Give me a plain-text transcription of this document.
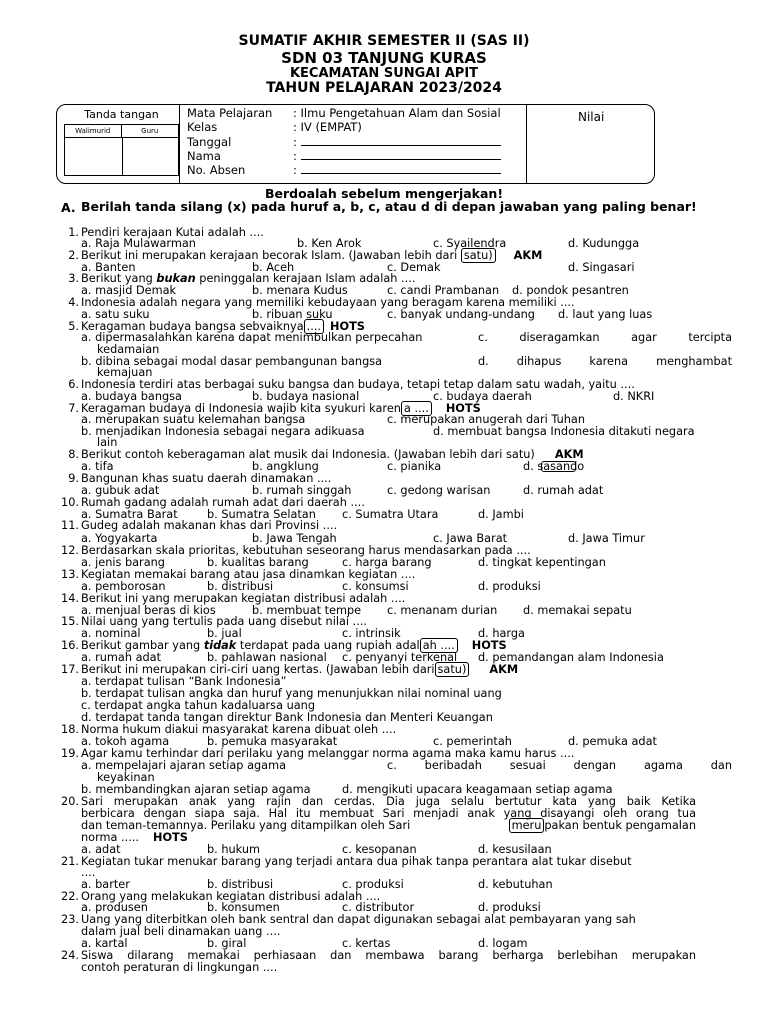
SUMATIF AKHIR SEMESTER II (SAS II)
SDN 03 TANJUNG KURAS
KECAMATAN SUNGAI APIT
TAHUN PELAJARAN 2023/2024
Tanda tangan
Walimurid	Guru
Mata Pelajaran : Ilmu Pengetahuan Alam dan Sosial
Kelas	: IV (EMPAT)
Tanggal	:
Nama	:
No. Absen	:
Nilai
Berdoalah sebelum mengerjakan!
A. Berilah tanda silang (x) pada huruf a, b, c, atau d di depan jawaban yang paling benar!
1. Pendiri kerajaan Kutai adalah ....
a. Raja Mulawarman	b. Ken Arok	c. Syailendra	d. Kudungga
2. Berikut ini merupakan kerajaan becorak Islam. (Jawaban lebih dari satu) AKM
a. Banten	b. Aceh	c. Demak	d. Singasari
3. Berikut yang bukan peninggalan kerajaan Islam adalah ....
a. masjid Demak	b. menara Kudus	c. candi Prambanan d. pondok pesantren
4. Indonesia adalah negara yang memiliki kebudayaan yang beragam karena memiliki ....
a. satu suku	b. ribuan suku	c. banyak undang-undang d. laut yang luas
5. Keragaman budaya bangsa sebvaiknya .... HOTS
a. dipermasalahkan karena dapat menimbulkan perpecahan	c. diseragamkan agar tercipta
kedamaian
b. dibina sebagai modal dasar pembangunan bangsa	d. dihapus karena menghambat
kemajuan
6. Indonesia terdiri atas berbagai suku bangsa dan budaya, tetapi tetap dalam satu wadah, yaitu ....
a. budaya bangsa	b. budaya nasional	c. budaya daerah	d. NKRI
7. Keragaman budaya di Indonesia wajib kita syukuri karen a .... HOTS
a. merupakan suatu kelemahan bangsa	c. merupakan anugerah dari Tuhan
b. menjadikan Indonesia sebagai negara adikuasa	d. membuat bangsa Indonesia ditakuti negara
lain
8. Berikut contoh keberagaman alat musik dai Indonesia. (Jawaban lebih dari satu) AKM
a. tifa	b. angklung	c. pianika	d. sasando
9. Bangunan khas suatu daerah dinamakan ....
a. gubuk adat	b. rumah singgah	c. gedong warisan	d. rumah adat
10. Rumah gadang adalah rumah adat dari daerah ....
a. Sumatra Barat	b. Sumatra Selatan c. Sumatra Utara	d. Jambi
11. Gudeg adalah makanan khas dari Provinsi ....
a. Yogyakarta	b. Jawa Tengah	c. Jawa Barat	d. Jawa Timur
12. Berdasarkan skala prioritas, kebutuhan seseorang harus mendasarkan pada ....
a. jenis barang	b. kualitas barang	c. harga barang	d. tingkat kepentingan
13. Kegiatan memakai barang atau jasa dinamkan kegiatan ....
a. pemborosan	b. distribusi	c. konsumsi	d. produksi
14. Berikut ini yang merupakan kegiatan distribusi adalah ....
a. menjual beras di kios	b. membuat tempe c. menanam durian d. memakai sepatu
15. Nilai uang yang tertulis pada uang disebut nilai ....
a. nominal	b. jual	c. intrinsik	d. harga
16. Berikut gambar yang tidak terdapat pada uang rupiah adal ah .... HOTS
a. rumah adat	b. pahlawan nasional c. penyanyi terkenal d. pemandangan alam Indonesia
17. Berikut ini merupakan ciri-ciri uang kertas. (Jawaban lebih dari satu) AKM
a. terdapat tulisan “Bank Indonesia”
b. terdapat tulisan angka dan huruf yang menunjukkan nilai nominal uang
c. terdapat angka tahun kadaluarsa uang
d. terdapat tanda tangan direktur Bank Indonesia dan Menteri Keuangan
18. Norma hukum diakui masyarakat karena dibuat oleh ....
a. tokoh agama	b. pemuka masyarakat	c. pemerintah	d. pemuka adat
19. Agar kamu terhindar dari perilaku yang melanggar norma agama maka kamu harus ....
a. mempelajari ajaran setiap agama	c. beribadah sesuai dengan agama dan
keyakinan
b. membandingkan ajaran setiap agama	d. mengikuti upacara keagamaan setiap agama
20. Sari merupakan anak yang rajin dan cerdas. Dia juga selalu bertutur kata yang baik Ketika
berbicara dengan siapa saja. Hal itu membuat Sari menjadi anak yang disayangi oleh orang tua
dan teman-temannya. Perilaku yang ditampilkan oleh Sari	meru pakan bentuk pengamalan
norma ..... HOTS
a. adat	b. hukum	c. kesopanan	d. kesusilaan
21. Kegiatan tukar menukar barang yang terjadi antara dua pihak tanpa perantara alat tukar disebut
....
a. barter	b. distribusi	c. produksi	d. kebutuhan
22. Orang yang melakukan kegiatan distribusi adalah ....
a. produsen	b. konsumen	c. distributor	d. produksi
23. Uang yang diterbitkan oleh bank sentral dan dapat digunakan sebagai alat pembayaran yang sah
dalam jual beli dinamakan uang ....
a. kartal	b. giral	c. kertas	d. logam
24. Siswa dilarang memakai perhiasaan dan membawa barang berharga berlebihan merupakan
contoh peraturan di lingkungan ....
